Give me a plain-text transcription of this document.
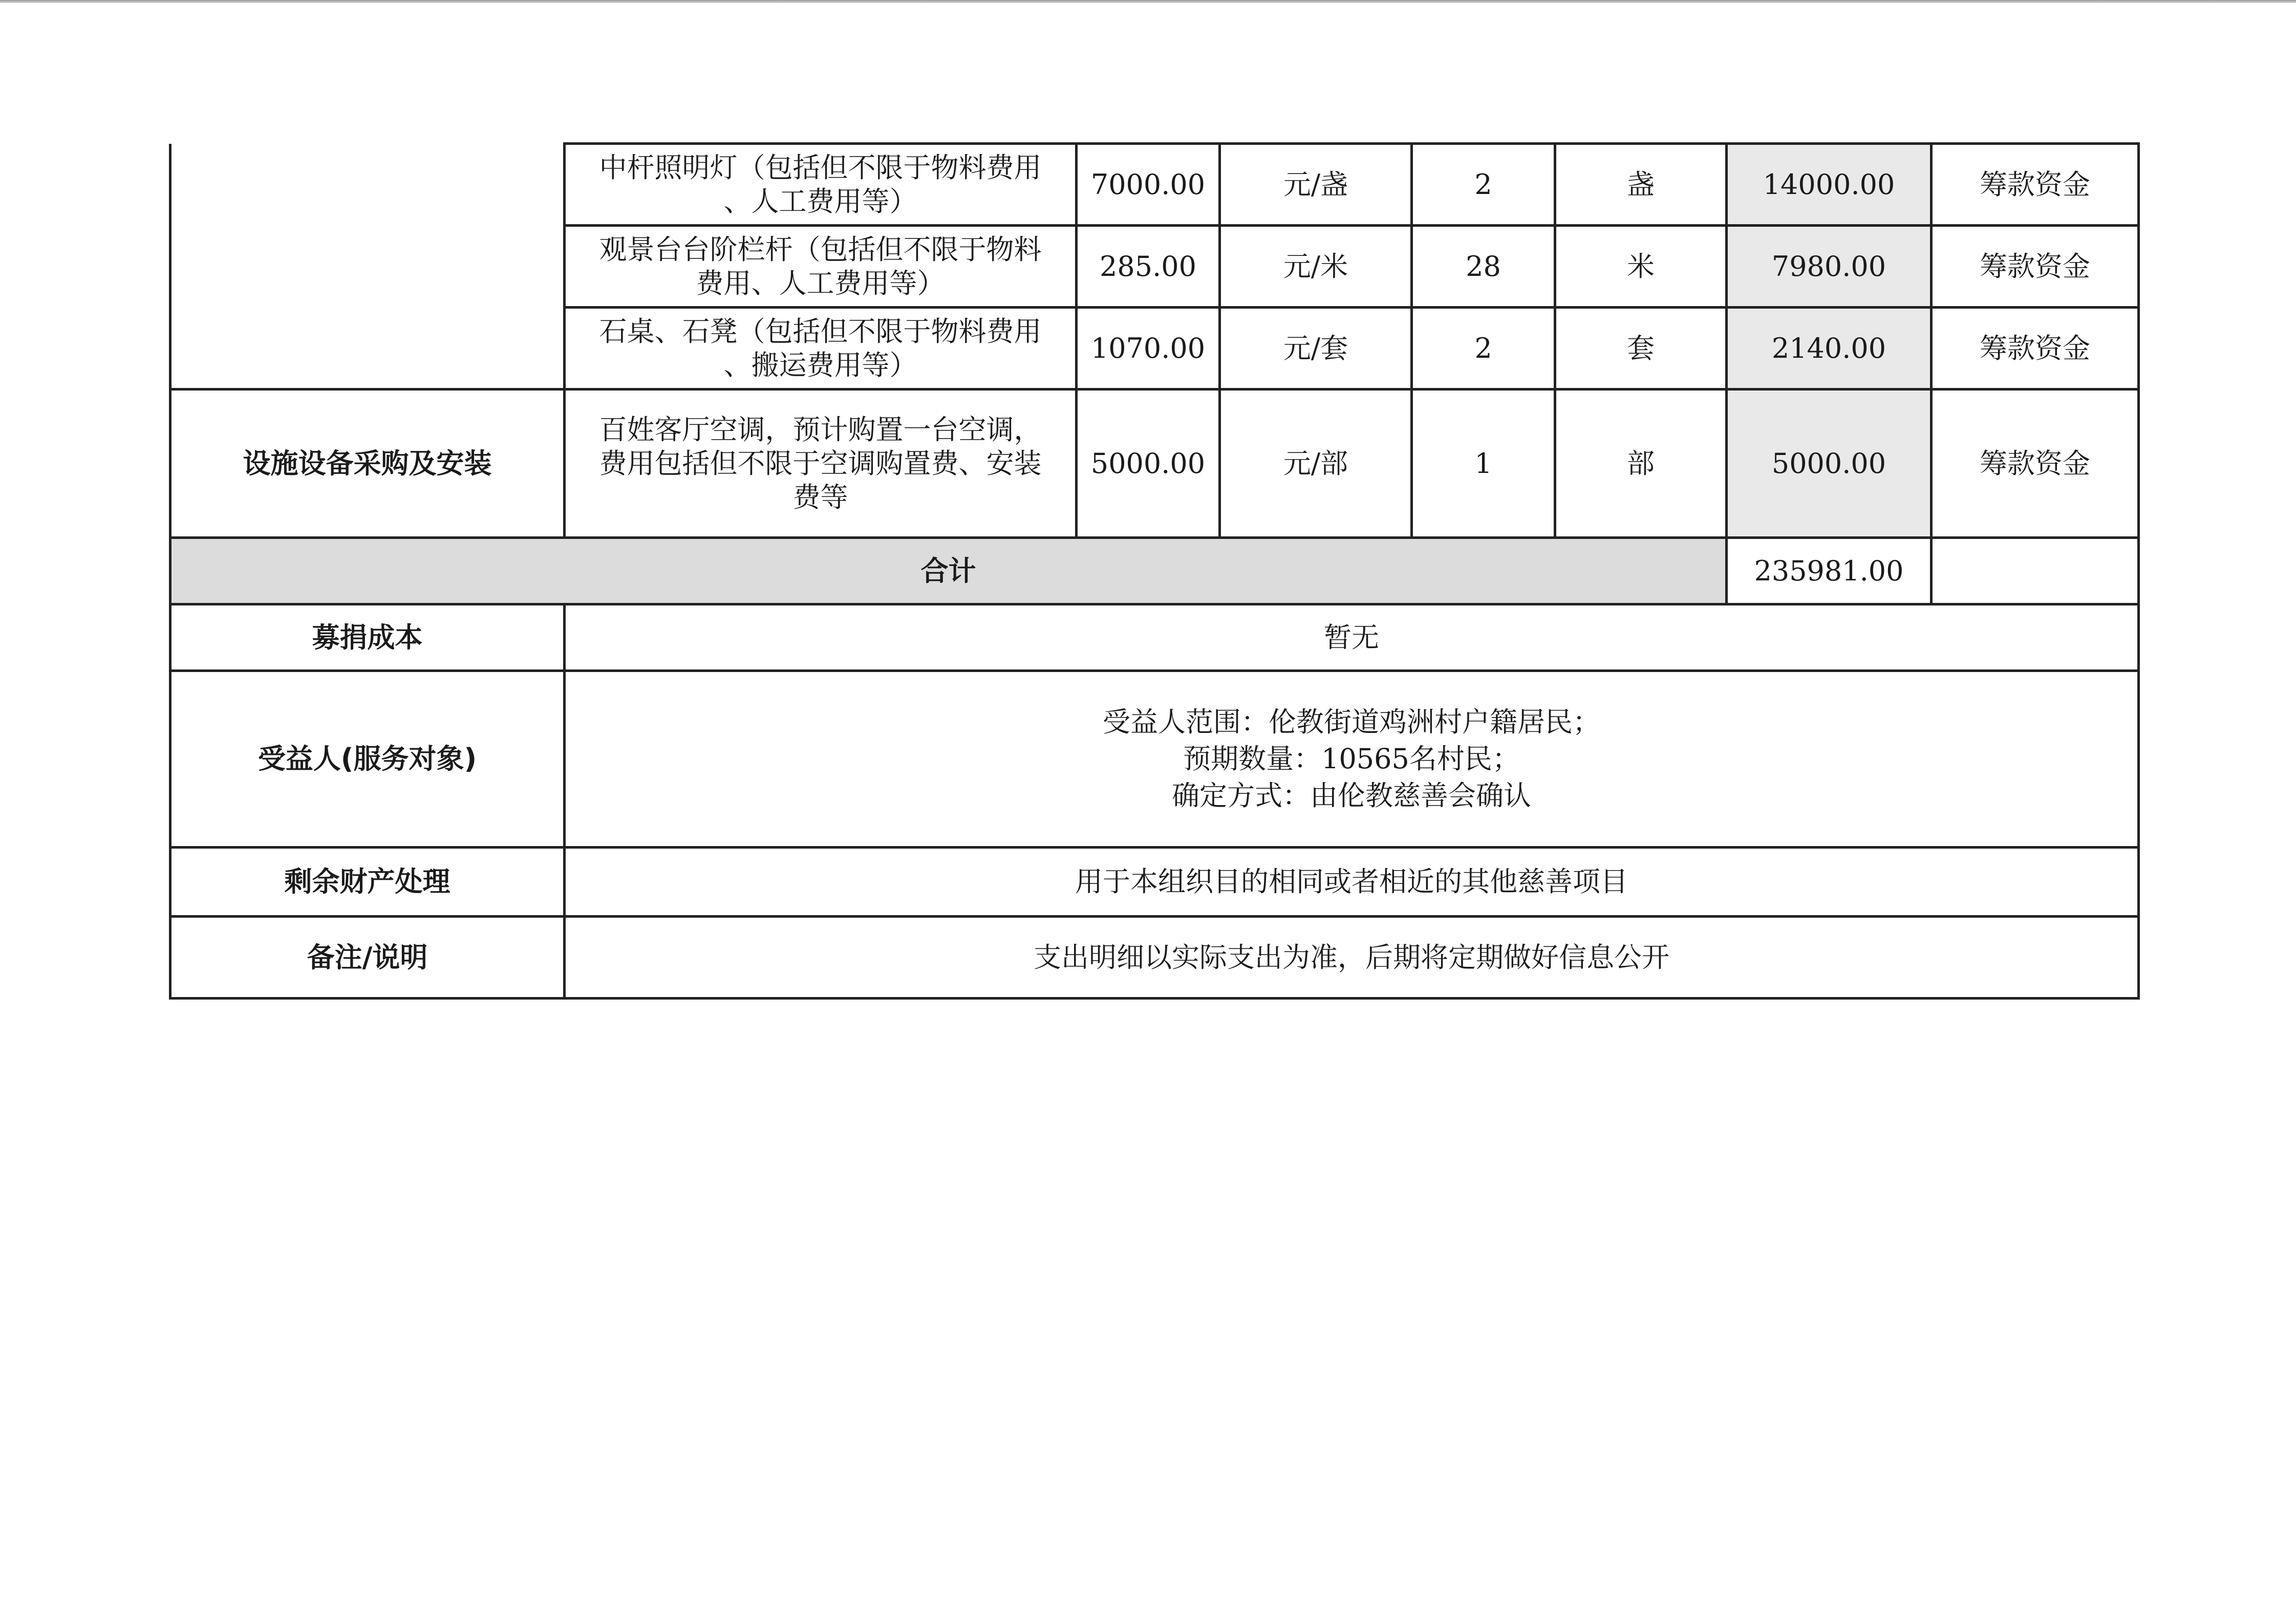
	中杆照明灯（包括但不限于物料费用
、人工费用等）	7000.00	元/盏	2	盏	14000.00	筹款资金

	观景台台阶栏杆（包括但不限于物料
费用、人工费用等）	285.00	元/米	28	米	7980.00	筹款资金

	石桌、石凳（包括但不限于物料费用
、搬运费用等）	1070.00	元/套	2	套	2140.00	筹款资金
设施设备采购及安装	百姓客厅空调，预计购置一台空调，
费用包括但不限于空调购置费、安装
费等	5000.00	元/部	1	部	5000.00	筹款资金
合计						235981.00	
募捐成本	暂无						
受益人(服务对象)	受益人范围：伦教街道鸡洲村户籍居民；
预期数量：10565名村民；
确定方式：由伦教慈善会确认						

剩余财产处理	用于本组织目的相同或者相近的其他慈善项目						
备注/说明	支出明细以实际支出为准，后期将定期做好信息公开						
